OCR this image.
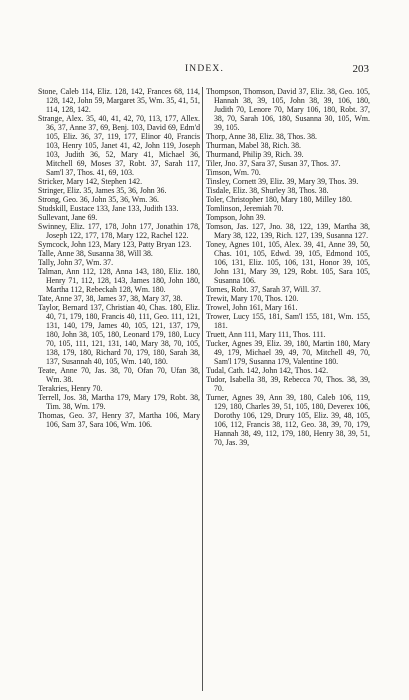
INDEX.	203

Stone, Caleb 114, Eliz. 128, 142, Frances 68, 114, 128, 142, John 59, Margaret 35, Wm. 35, 41, 51, 114, 128, 142.

Strange, Alex. 35, 40, 41, 42, 70, 113, 177, Allex. 36, 37, Anne 37, 69, Benj. 103, David 69, Edm'd 105, Eliz. 36, 37, 119, 177, Elinor 40, Francis 103, Henry 105, Janet 41, 42, John 119, Joseph 103, Judith 36, 52, Mary 41, Michael 36, Mitchell 69, Moses 37, Robt. 37, Sarah 117, Sam'l 37, Thos. 41, 69, 103.

Stricker, Mary 142, Stephen 142.

Stringer, Eliz. 35, James 35, 36, John 36.

Strong, Geo. 36, John 35, 36, Wm. 36.

Studskill, Eustace 133, Jane 133, Judith 133.

Sullevant, Jane 69.

Swinney, Eliz. 177, 178, John 177, Jonathin 178, Joseph 122, 177, 178, Mary 122, Rachel 122.

Symcock, John 123, Mary 123, Patty Bryan 123.

Talle, Anne 38, Susanna 38, Will 38.

Tally, John 37, Wm. 37.

Talman, Ann 112, 128, Anna 143, 180, Eliz. 180, Henry 71, 112, 128, 143, James 180, John 180, Martha 112, Rebeckah 128, Wm. 180.

Tate, Anne 37, 38, James 37, 38, Mary 37, 38.

Taylor, Bernard 137, Christian 40, Chas. 180, Eliz. 40, 71, 179, 180, Francis 40, 111, Geo. 111, 121, 131, 140, 179, James 40, 105, 121, 137, 179, 180, John 38, 105, 180, Leonard 179, 180, Lucy 70, 105, 111, 121, 131, 140, Mary 38, 70, 105, 138, 179, 180, Richard 70, 179, 180, Sarah 38, 137, Susannah 40, 105, Wm. 140, 180.

Teate, Anne 70, Jas. 38, 70, Ofan 70, Ufan 38, Wm. 38.

Terakries, Henry 70.

Terrell, Jos. 38, Martha 179, Mary 179, Robt. 38, Tim. 38, Wm. 179.

Thomas, Geo. 37, Henry 37, Martha 106, Mary 106, Sam 37, Sara 106, Wm. 106.

Thompson, Thomson, David 37, Eliz. 38, Geo. 105, Hannah 38, 39, 105, John 38, 39, 106, 180, Judith 70, Lenore 70, Mary 106, 180, Robt. 37, 38, 70, Sarah 106, 180, Susanna 30, 105, Wm. 39, 105.

Thorp, Anne 38, Eliz. 38, Thos. 38.

Thurman, Mabel 38, Rich. 38.

Thurmand, Philip 39, Rich. 39.

Tiler, Jno. 37, Sara 37, Susan 37, Thos. 37.

Timson, Wm. 70.

Tinsley, Cornett 39, Eliz. 39, Mary 39, Thos. 39.

Tisdale, Eliz. 38, Shurley 38, Thos. 38.

Toler, Christopher 180, Mary 180, Milley 180.

Tomlinson, Jeremiah 70.

Tompson, John 39.

Tomson, Jas. 127, Jno. 38, 122, 139, Martha 38, Mary 38, 122, 139, Rich. 127, 139, Susanna 127.

Toney, Agnes 101, 105, Alex. 39, 41, Anne 39, 50, Chas. 101, 105, Edwd. 39, 105, Edmond 105, 106, 131, Eliz. 105, 106, 131, Honor 39, 105, John 131, Mary 39, 129, Robt. 105, Sara 105, Susanna 106.

Tornes, Robt. 37, Sarah 37, Will. 37.

Trewit, Mary 170, Thos. 120.

Trowel, John 161, Mary 161.

Trower, Lucy 155, 181, Sam'l 155, 181, Wm. 155, 181.

Truett, Ann 111, Mary 111, Thos. 111.

Tucker, Agnes 39, Eliz. 39, 180, Martin 180, Mary 49, 179, Michael 39, 49, 70, Mitchell 49, 70, Sam'l 179, Susanna 179, Valentine 180.

Tudal, Cath. 142, John 142, Thos. 142.

Tudor, Isabella 38, 39, Rebecca 70, Thos. 38, 39, 70.

Turner, Agnes 39, Ann 39, 180, Caleb 106, 119, 129, 180, Charles 39, 51, 105, 180, Deverex 106, Dorothy 106, 129, Drury 105, Eliz. 39, 48, 105, 106, 112, Francis 38, 112, Geo. 38, 39, 70, 179, Hannah 38, 49, 112, 179, 180, Henry 38, 39, 51, 70, Jas. 39,
